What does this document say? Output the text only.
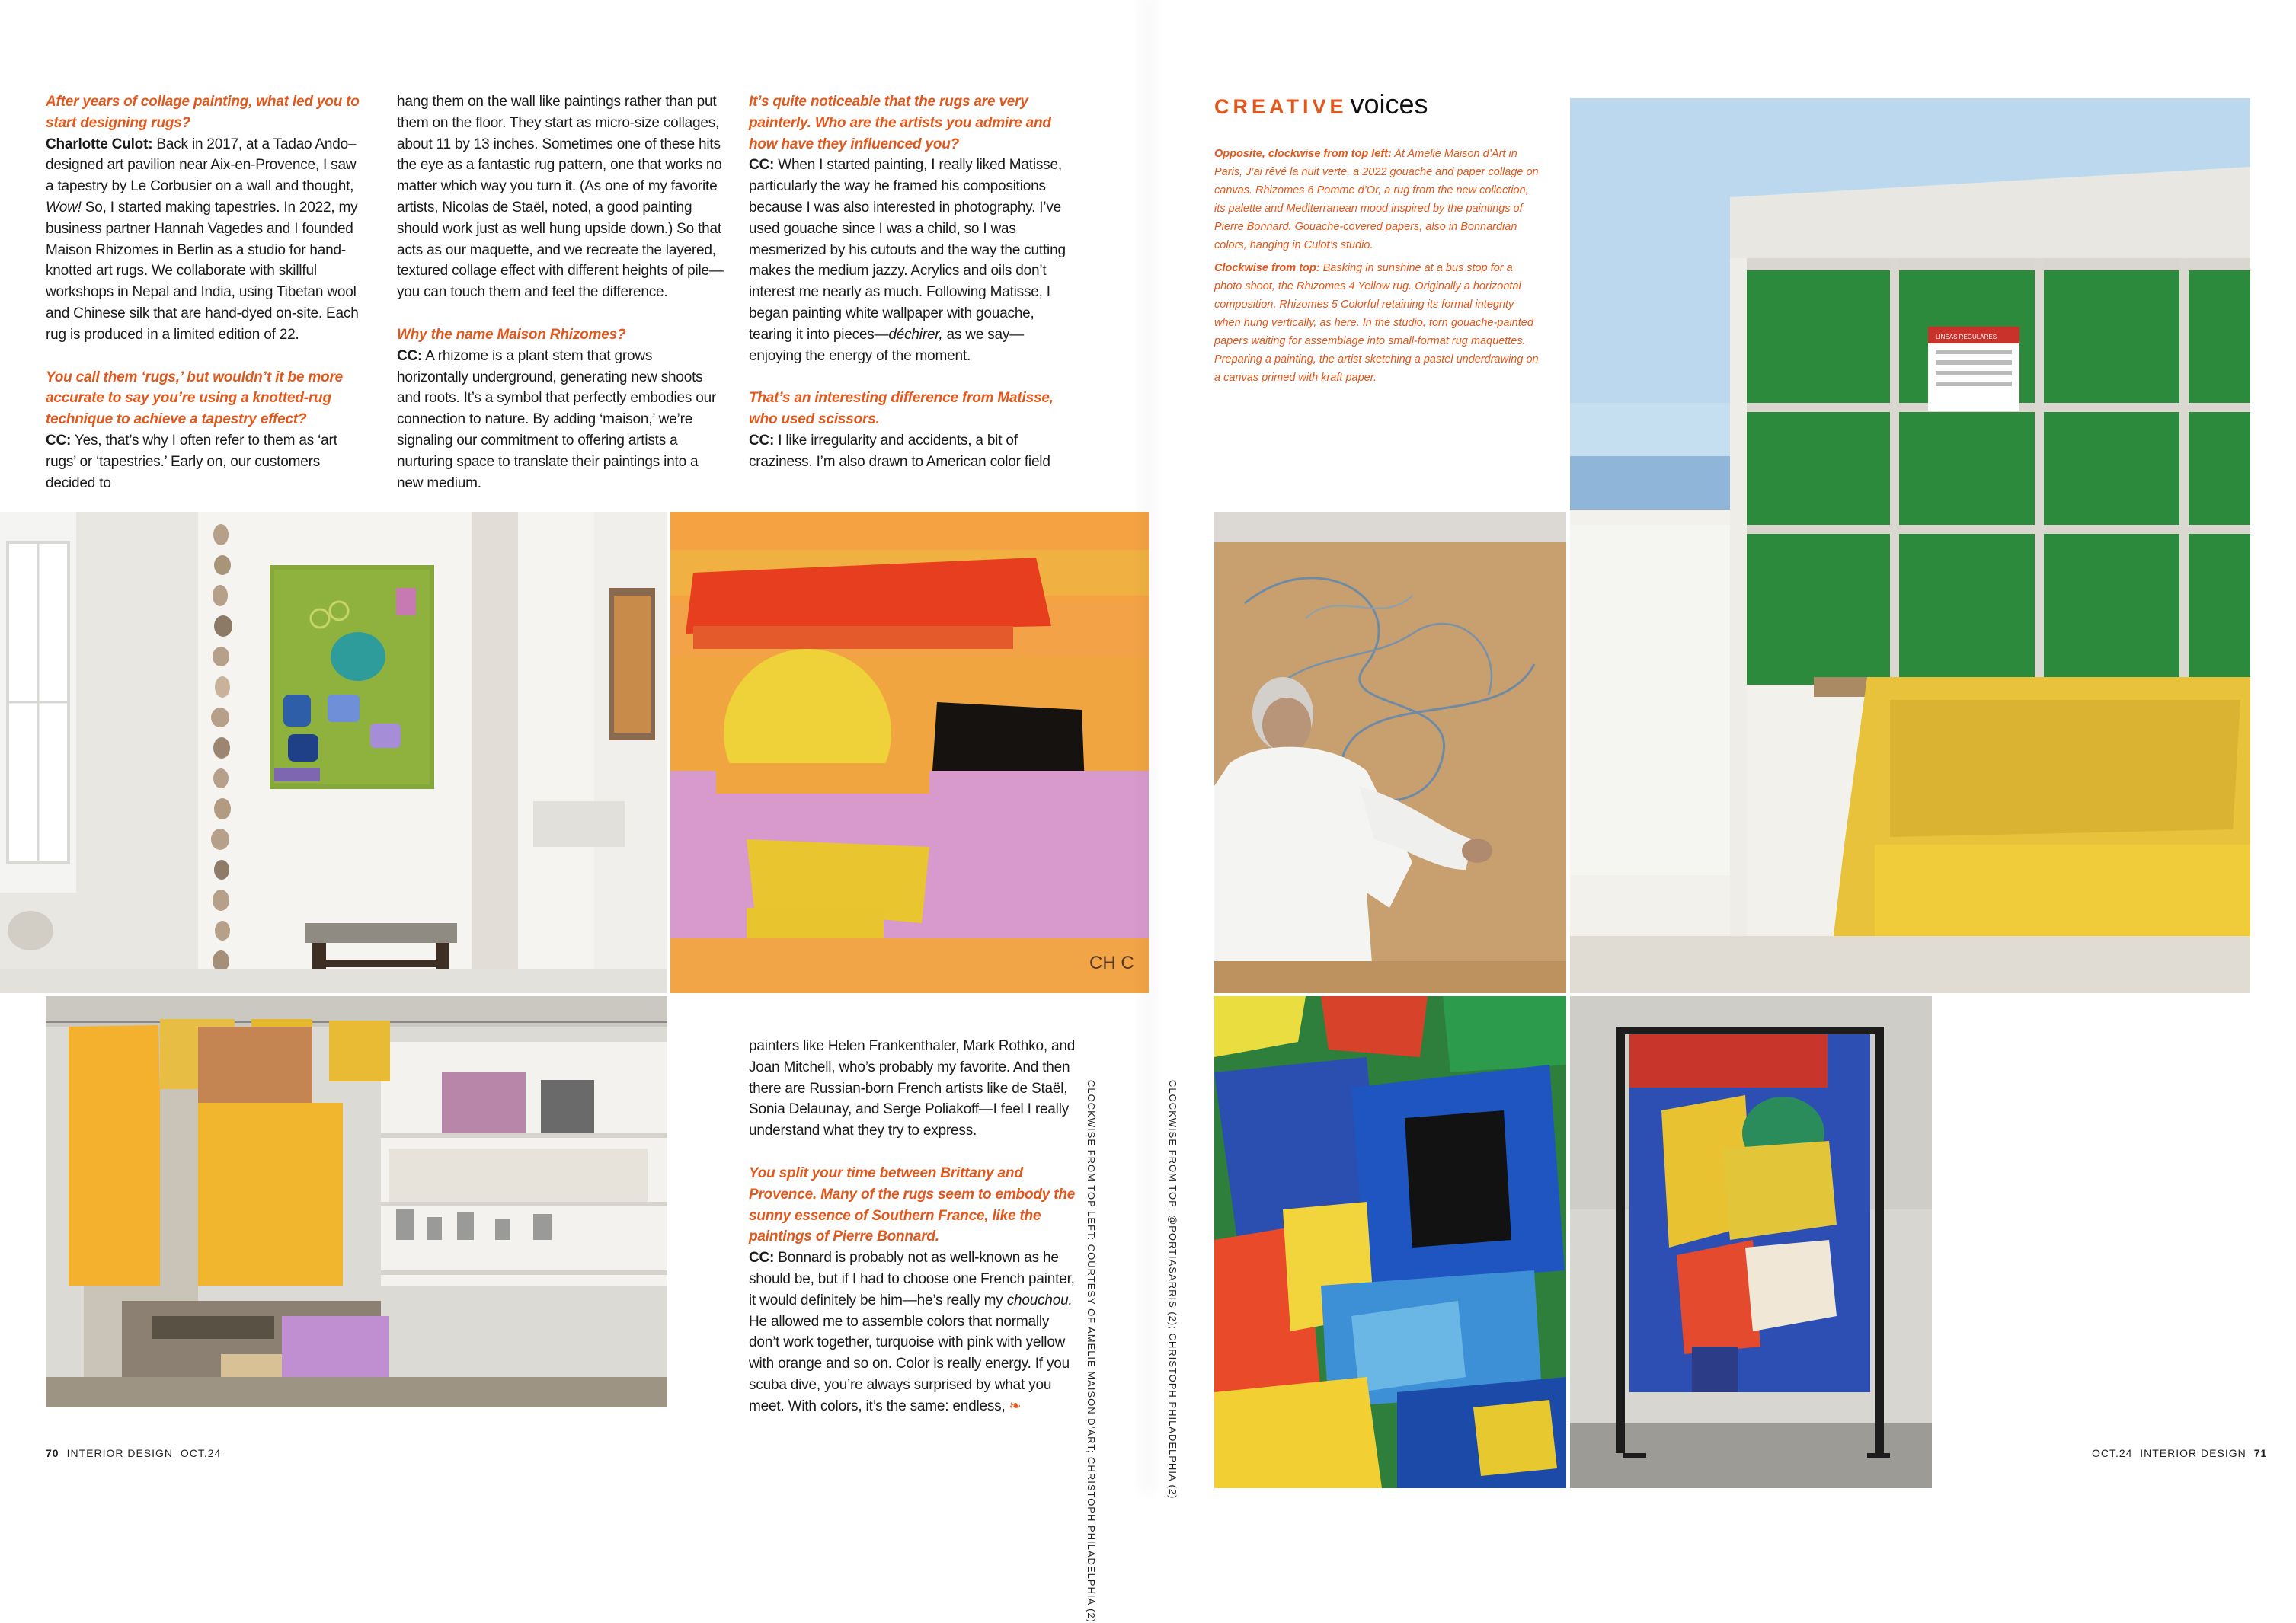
After years of collage painting, what led you to start designing rugs?

Charlotte Culot: Back in 2017, at a Tadao Ando–designed art pavilion near Aix-en-Provence, I saw a tapestry by Le Corbusier on a wall and thought, Wow! So, I started making tapestries. In 2022, my business partner Hannah Vagedes and I founded Maison Rhizomes in Berlin as a studio for hand-knotted art rugs. We collaborate with skillful workshops in Nepal and India, using Tibetan wool and Chinese silk that are hand-dyed on-site. Each rug is produced in a limited edition of 22.

You call them ‘rugs,’ but wouldn’t it be more accurate to say you’re using a knotted-rug technique to achieve a tapestry effect?

CC: Yes, that’s why I often refer to them as ‘art rugs’ or ‘tapestries.’ Early on, our customers decided to

hang them on the wall like paintings rather than put them on the floor. They start as micro-size collages, about 11 by 13 inches. Sometimes one of these hits the eye as a fantastic rug pattern, one that works no matter which way you turn it. (As one of my favorite artists, Nicolas de Staël, noted, a good painting should work just as well hung upside down.) So that acts as our maquette, and we recreate the layered, textured collage effect with different heights of pile—you can touch them and feel the difference.

Why the name Maison Rhizomes?

CC: A rhizome is a plant stem that grows horizontally underground, generating new shoots and roots. It’s a symbol that perfectly embodies our connection to nature. By adding ‘maison,’ we’re signaling our commitment to offering artists a nurturing space to translate their paintings into a new medium.

It’s quite noticeable that the rugs are very painterly. Who are the artists you admire and how have they influenced you?

CC: When I started painting, I really liked Matisse, particularly the way he framed his compositions because I was also interested in photography. I’ve used gouache since I was a child, so I was mesmerized by his cutouts and the way the cutting makes the medium jazzy. Acrylics and oils don’t interest me nearly as much. Following Matisse, I began painting white wallpaper with gouache, tearing it into pieces—déchirer, as we say—enjoying the energy of the moment.

That’s an interesting difference from Matisse, who used scissors.

CC: I like irregularity and accidents, a bit of craziness. I’m also drawn to American color field

painters like Helen Frankenthaler, Mark Rothko, and Joan Mitchell, who’s probably my favorite. And then there are Russian-born French artists like de Staël, Sonia Delaunay, and Serge Poliakoff—I feel I really understand what they try to express.

You split your time between Brittany and Provence. Many of the rugs seem to embody the sunny essence of Southern France, like the paintings of Pierre Bonnard.

CC: Bonnard is probably not as well-known as he should be, but if I had to choose one French painter, it would definitely be him—he’s really my chouchou. He allowed me to assemble colors that normally don’t work together, turquoise with pink with yellow with orange and so on. Color is really energy. If you scuba dive, you’re always surprised by what you meet. With colors, it’s the same: endless, ❧

CREATIVE voices

Opposite, clockwise from top left: At Amelie Maison d’Art in Paris, J’ai rêvé la nuit verte, a 2022 gouache and paper collage on canvas. Rhizomes 6 Pomme d’Or, a rug from the new collection, its palette and Mediterranean mood inspired by the paintings of Pierre Bonnard. Gouache-covered papers, also in Bonnardian colors, hanging in Culot’s studio.

Clockwise from top: Basking in sunshine at a bus stop for a photo shoot, the Rhizomes 4 Yellow rug. Originally a horizontal composition, Rhizomes 5 Colorful retaining its formal integrity when hung vertically, as here. In the studio, torn gouache-painted papers waiting for assemblage into small-format rug maquettes. Preparing a painting, the artist sketching a pastel underdrawing on a canvas primed with kraft paper.

CH C
LINEAS REGULARES
CLOCKWISE FROM TOP LEFT: COURTESY OF AMELIE MAISON D’ART; CHRISTOPH PHILADELPHIA (2)	CLOCKWISE FROM TOP: @PORTIASARRIS (2); CHRISTOPH PHILADELPHIA (2)
70 INTERIOR DESIGN OCT.24	OCT.24 INTERIOR DESIGN 71
